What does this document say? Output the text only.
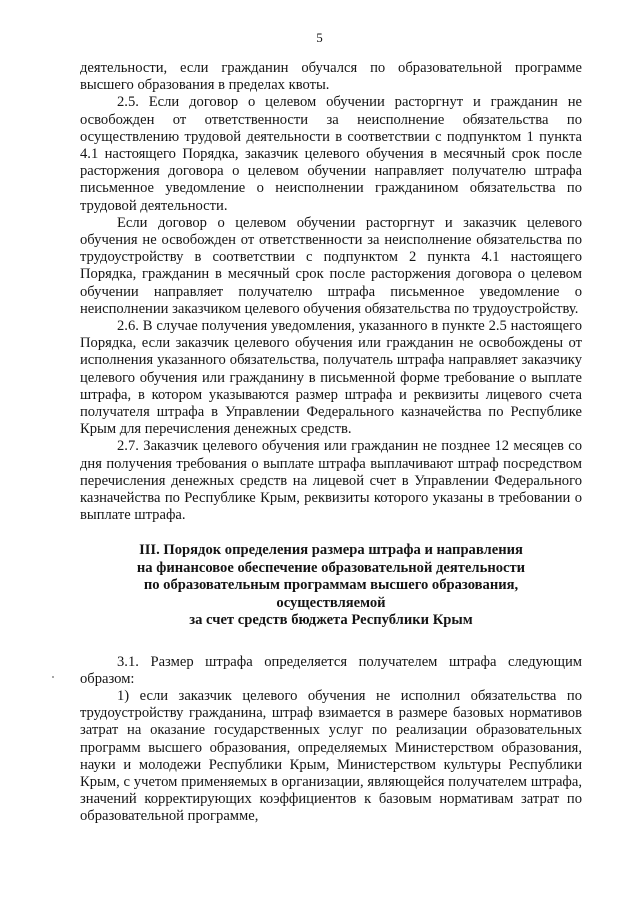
5

деятельности, если гражданин обучался по образовательной программе высшего образования в пределах квоты.

2.5. Если договор о целевом обучении расторгнут и гражданин не освобожден от ответственности за неисполнение обязательства по осуществлению трудовой деятельности в соответствии с подпунктом 1 пункта 4.1 настоящего Порядка, заказчик целевого обучения в месячный срок после расторжения договора о целевом обучении направляет получателю штрафа письменное уведомление о неисполнении гражданином обязательства по трудовой деятельности.

Если договор о целевом обучении расторгнут и заказчик целевого обучения не освобожден от ответственности за неисполнение обязательства по трудоустройству в соответствии с подпунктом 2 пункта 4.1 настоящего Порядка, гражданин в месячный срок после расторжения договора о целевом обучении направляет получателю штрафа письменное уведомление о неисполнении заказчиком целевого обучения обязательства по трудоустройству.

2.6. В случае получения уведомления, указанного в пункте 2.5 настоящего Порядка, если заказчик целевого обучения или гражданин не освобождены от исполнения указанного обязательства, получатель штрафа направляет заказчику целевого обучения или гражданину в письменной форме требование о выплате штрафа, в котором указываются размер штрафа и реквизиты лицевого счета получателя штрафа в Управлении Федерального казначейства по Республике Крым для перечисления денежных средств.

2.7. Заказчик целевого обучения или гражданин не позднее 12 месяцев со дня получения требования о выплате штрафа выплачивают штраф посредством перечисления денежных средств на лицевой счет в Управлении Федерального казначейства по Республике Крым, реквизиты которого указаны в требовании о выплате штрафа.

III. Порядок определения размера штрафа и направления
на финансовое обеспечение образовательной деятельности
по образовательным программам высшего образования,
осуществляемой
за счет средств бюджета Республики Крым

3.1. Размер штрафа определяется получателем штрафа следующим образом:

1) если заказчик целевого обучения не исполнил обязательства по трудоустройству гражданина, штраф взимается в размере базовых нормативов затрат на оказание государственных услуг по реализации образовательных программ высшего образования, определяемых Министерством образования, науки и молодежи Республики Крым, Министерством культуры Республики Крым, с учетом применяемых в организации, являющейся получателем штрафа, значений корректирующих коэффициентов к базовым нормативам затрат по образовательной программе,
